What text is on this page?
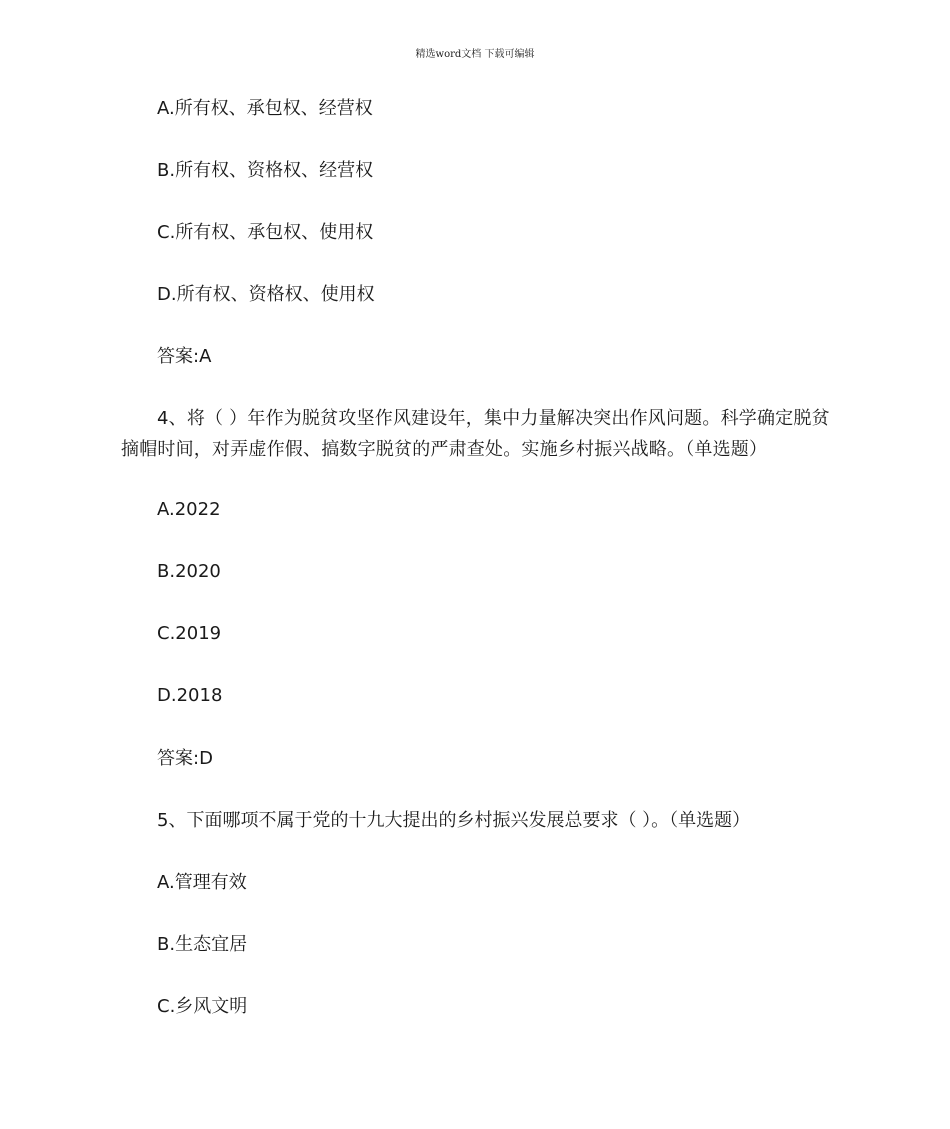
精选word文档 下载可编辑
A.所有权、承包权、经营权
B.所有权、资格权、经营权
C.所有权、承包权、使用权
D.所有权、资格权、使用权
答案:A
4、将（ ）年作为脱贫攻坚作风建设年，集中力量解决突出作风问题。科学确定脱贫摘帽时间，对弄虚作假、搞数字脱贫的严肃查处。实施乡村振兴战略。（单选题）
A.2022
B.2020
C.2019
D.2018
答案:D
5、下面哪项不属于党的十九大提出的乡村振兴发展总要求（ ）。（单选题）
A.管理有效
B.生态宜居
C.乡风文明
